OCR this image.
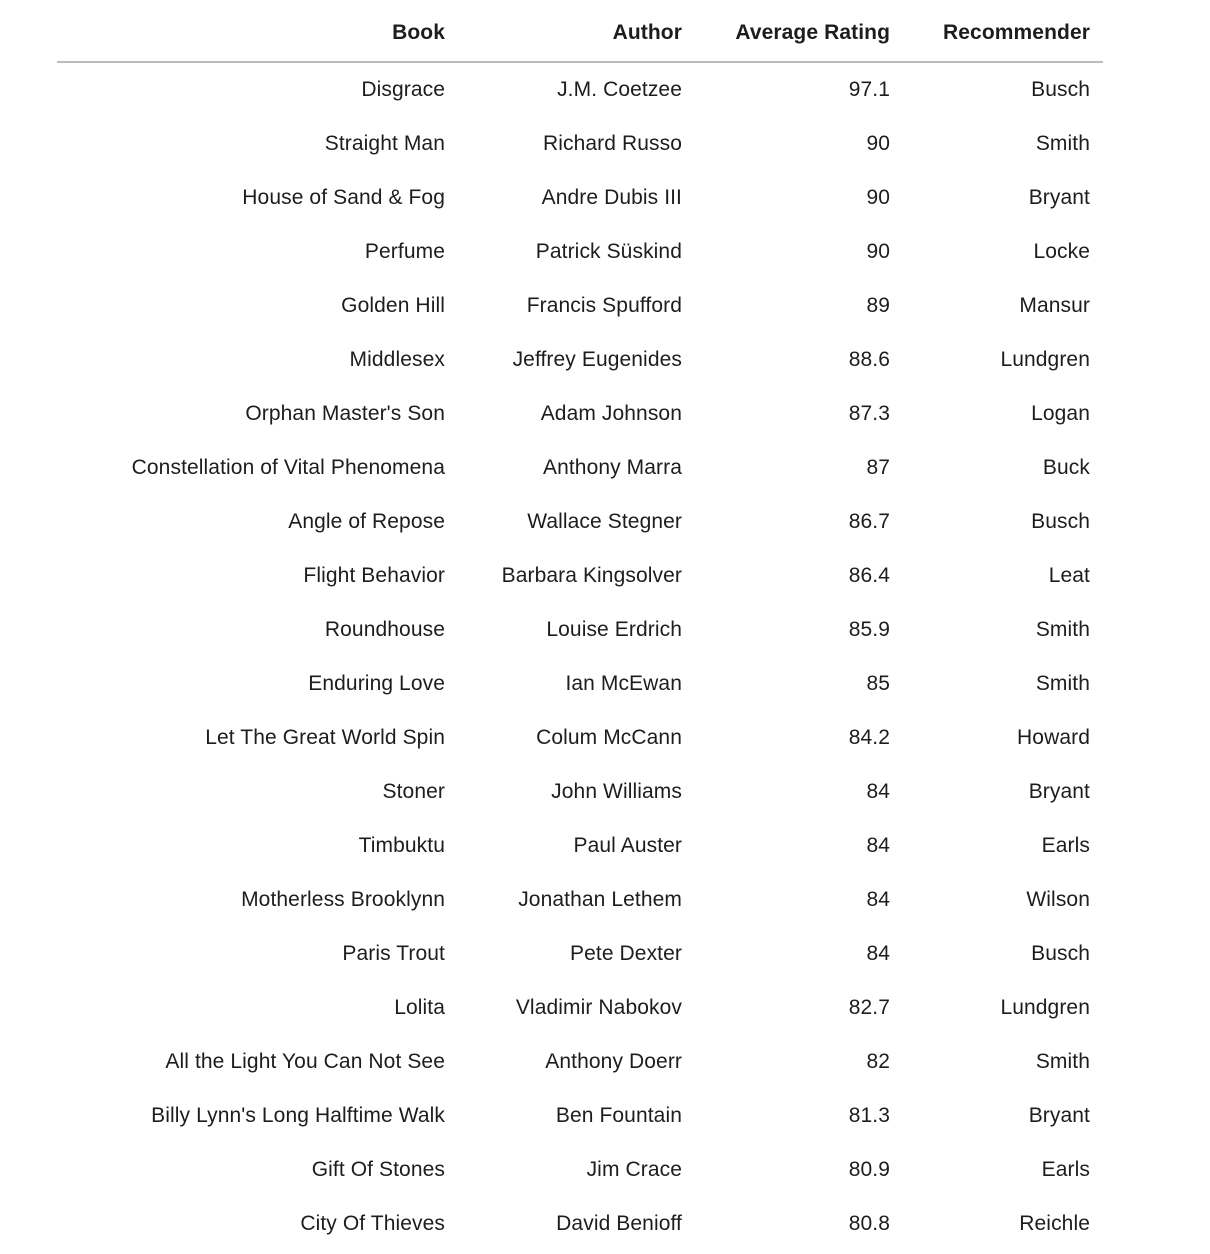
Book	Author	Average Rating	Recommender
Disgrace	J.M. Coetzee	97.1	Busch
Straight Man	Richard Russo	90	Smith
House of Sand & Fog	Andre Dubis III	90	Bryant
Perfume	Patrick Süskind	90	Locke
Golden Hill	Francis Spufford	89	Mansur
Middlesex	Jeffrey Eugenides	88.6	Lundgren
Orphan Master's Son	Adam Johnson	87.3	Logan
Constellation of Vital Phenomena	Anthony Marra	87	Buck
Angle of Repose	Wallace Stegner	86.7	Busch
Flight Behavior	Barbara Kingsolver	86.4	Leat
Roundhouse	Louise Erdrich	85.9	Smith
Enduring Love	Ian McEwan	85	Smith
Let The Great World Spin	Colum McCann	84.2	Howard
Stoner	John Williams	84	Bryant
Timbuktu	Paul Auster	84	Earls
Motherless Brooklynn	Jonathan Lethem	84	Wilson
Paris Trout	Pete Dexter	84	Busch
Lolita	Vladimir Nabokov	82.7	Lundgren
All the Light You Can Not See	Anthony Doerr	82	Smith
Billy Lynn's Long Halftime Walk	Ben Fountain	81.3	Bryant
Gift Of Stones	Jim Crace	80.9	Earls
City Of Thieves	David Benioff	80.8	Reichle
